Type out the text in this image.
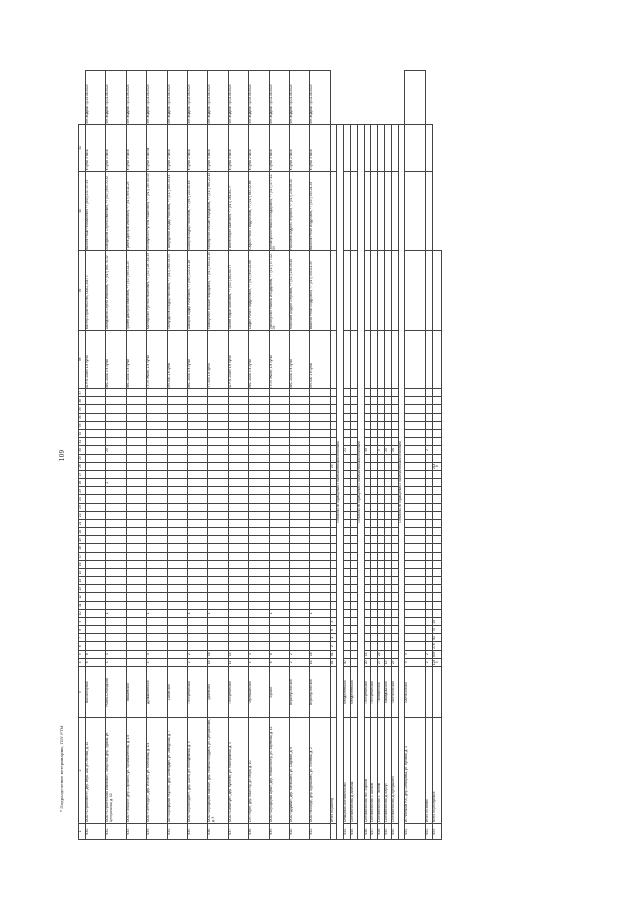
109
* Подразделение ветеринарии, ГБУ РТМ
1	2	3	4	5	6	7	8	9	10	11	12	13	14	15	16	17	18	19	20	21	22	23	24	25	26	27	28	29	30	31	32	33	34	35	36	37	38	39	40	41	
630.	ООО «Стройинвест», дер. Верх. Ша, ул. Лесная, д. 11	Высокогорный	8	8																																	Ш.Р.Л. 20кВт 1 в сутки	Мастер-строительство, ООО, 2017 г.	Валиев Рашит Фанавиевич +7 (843) 2-07-97-33	в сутки 3 часа	опт-выдача: ср.23.06.2024
631.	ООО «Строительная компания», Татарстан, дер. Туразы, ул. Центральная, д. 10	Рыбно-Слободский	4	4					1																2				25								ВКС-200Б 1 в сутки	Ахмедзянов Сергей Иванович, +7 (917) 895-70-32	Ахмедзянов Сергей Иванович, +7 (917) 895-70-32	в сутки 4 часа	опт-выдача: ср.01.06.2024
632.	ООО «ТатАгро», дер. Сорокино, ул. Промышленная, д. 1 б	Лаишевский																																			ВКС-200Б 1 в сутки	Грачёв Дмитрий Иванович, +7 (917) 899-11-25	Грачёв Дмитрий Иванович, +7 (917) 899-11-25	в сутки 3 часа	опт-выдача: ср.01.06.2024
633.	ООО «ТатРесурс», дер. Ильино, ул. Колхозная, д. 1/1	Дрожжановский	4	4					1																												ПГЭ Печкин, 1 в сутки	Калимуллин Рустем Рашитович, +7 (917) 287-65-43	Калимуллин Рустем Рашитович, +7 (917) 287-65-43	в сутки 5 часов	опт-выдача: ср.01.06.2024
634.	АО «Агрофирма «Кулон», дер. Шемордан, ул. Заводская, д. 7	Сабинский																																			ИН-500 1 в сутки	Гайнутдинов Ильдар Раисович, +7 (917) 265-33-44	Гайнутдинов Ильдар Раисович, +7 (917) 265-33-44	в сутки 2 часа	опт-выдача: ср.01.06.2024
635.	ООО «Агрохолдинг», дер. Шали, ул. Молодёжная, д. 9	Пестречинский	2	2					1																												ВКС-200Б 1 в сутки	Шакиров Айдар Ринатович, +7 (987) 222-41-18	Шакиров Айдар Ринатович, +7 (987) 222-41-18	в сутки 2 часа	опт-выдача: ср.02.06.2024
636.	ООО «Агрофирма Южная», дер. Нижняя Кондрата, ул. Центральная, д. 3	Тукаевский	18	18					1																												УТ-500 1 в сутки	Хабибуллин Ильшат Фаридович, +7 (917) 390-22-15	Хабибуллин Ильшат Фаридович, +7 (917) 390-22-15	в сутки 3 часа	опт-выдача: ср.01.06.2024
637.	ООО «Сабантуй», дер. Кулаево, ул. Набережная, д. 4	Пестречинский	14	14																																	Ш.Р.Л. 20кВт 1 в сутки	Ганиев Марат Ахатович, +7 (917) 261-84-77	Ганиев Марат Ахатович, +7 (917) 261-84-77	в сутки 3 часа	опт-выдача: ср.01.06.2024
638.	СХП «Луч», дер. Кзыл Яр, ул. Мира, д. 10	Черемшанский	4	4																																	ВКС-200Б 1 в сутки	Сафин Ринат Габдуллович, +7 (917) 845-22-66	Сафин Ринат Габдуллович, +7 (917) 845-22-66	в сутки 2 часа	опт-выдача: ср.05.06.2024
639.	ООО «Агрофирма Арча», дер. Новый Кинер, ул. Заречная, д. 12	Арский	8	8					1																												ПГЭ Печкин, 1 в сутки	Зиннатуллин Рамиль Ильдарович, +7 (917) 477-12-09	Зиннатуллин Рамиль Ильдарович, +7 (917) 477-12-09	в сутки 3 часа	опт-выдача: ср.01.06.2024
640.	ООО «Дружба», дер. Матюшино, ул. Садовая, д. 6	Верхнеуслонский	2	2																																	ВКС-200Б 1 в сутки	Николаев Андрей Петрович, +7 (917) 236-58-40	Николаев Андрей Петрович, +7 (917) 236-58-40	в сутки 2 часа	опт-выдача: ср.01.06.2024
641.	ООО «Восход», дер. Бурнашево, ул. Полевая, д. 2	Верхнеуслонский	16	16					1																												ИН-500 1 в сутки	Вахитов Ренат Илдусович, +7 (917) 555-01-33	Вахитов Ренат Илдусович, +7 (917) 555-01-33	в сутки 3 часа	опт-выдача: ср.01.06.2024
	Итого по району		81	81	2	1	6	3																			29														
Объекты по обращению с биологическими отходами																																									
644.	Бебяшный скотомогильник	Менделеевский	40																										21												
645.	Скотомогильник д. Анатыш	Менделеевский																																							
Объекты по обращению с биологическими отходами																																									
646.	Скотомогильник пос. Бирюли	Пестречинский	20	14																									48												
647.	Скотомогильник с. Шигали	Пестречинский																																							
648.	Скотомогильник с. Тюлячи	Тюлячинский	27	24																									9												
649.	Скотомогильник д. Берсут	Мамадышский	15																										20												
650.	Скотомогильник д. Кутлушкино	Чистопольский	25																										26												
Объекты по обращению с биологическими отходами																																									
651.	ИП Фатыхов Р.А., дер. Шеморбаш, ул. Луговая, д. 1	Балтасинский	3	3																																					
652.	Итого по зонам		2	2																									2												
653.	Всего по республике		1243	893	276	81	70	29																			2148														
